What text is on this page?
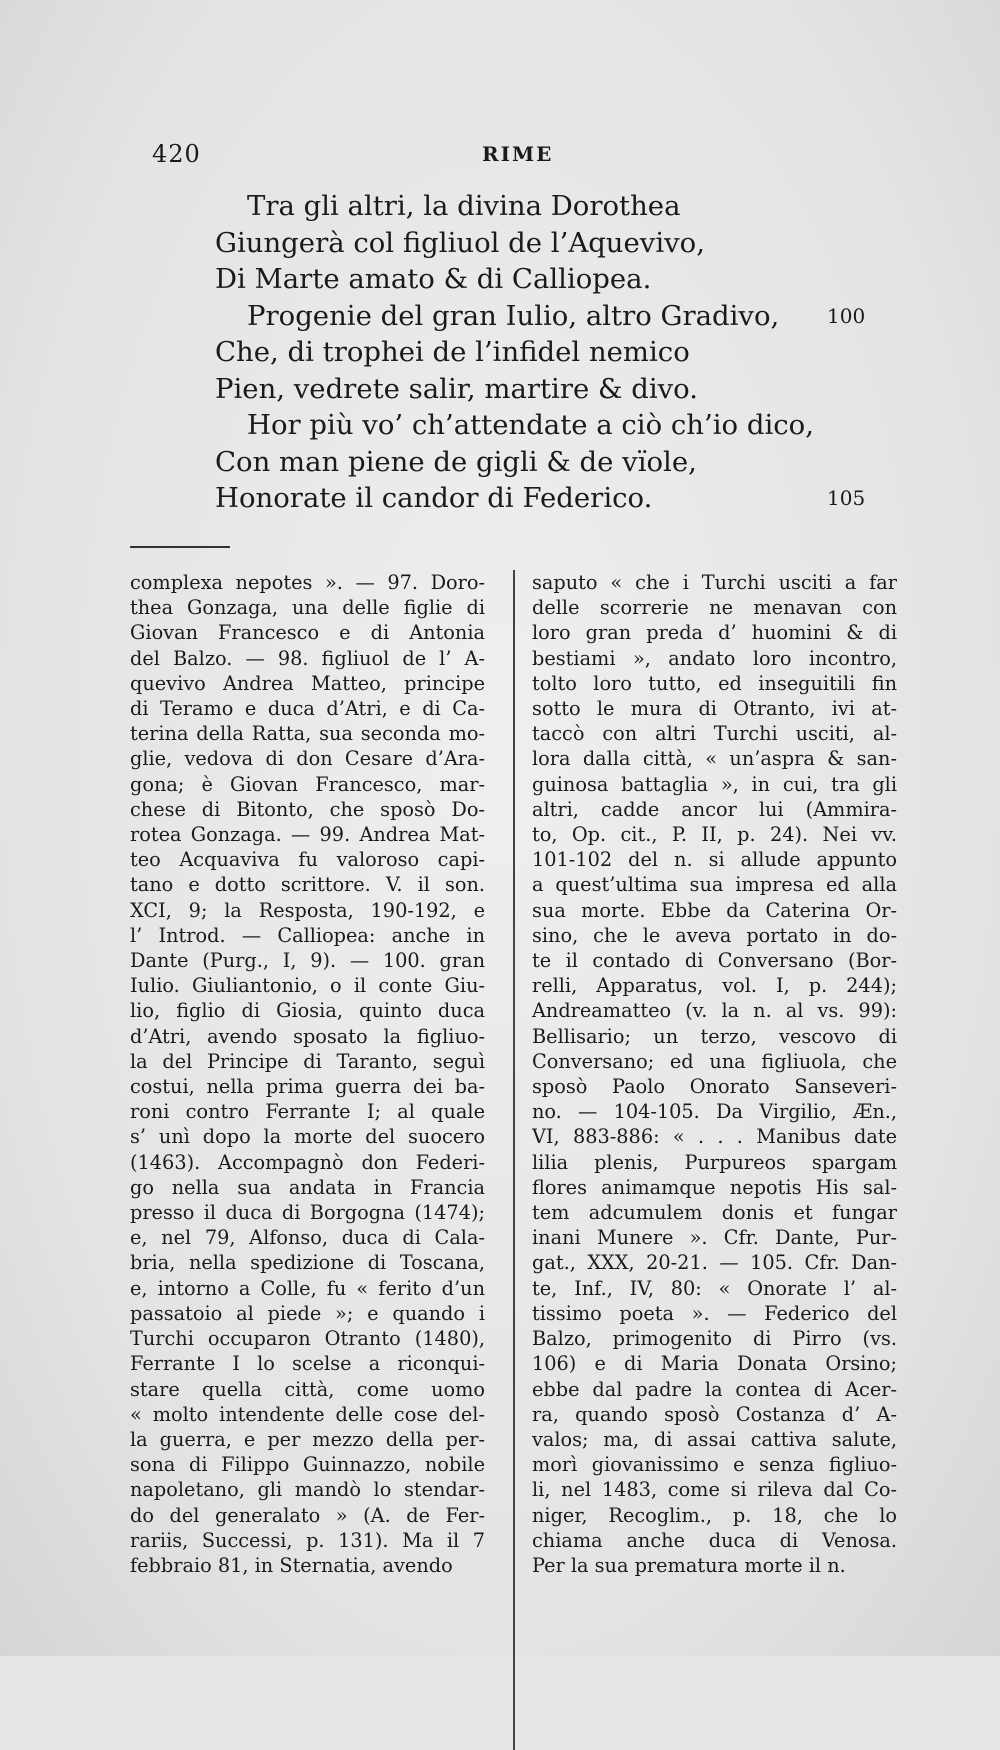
420	RIME
Tra gli altri, la divina Dorothea
Giungerà col figliuol de l’Aquevivo,
Di Marte amato & di Calliopea.
Progenie del gran Iulio, altro Gradivo, 100
Che, di trophei de l’infidel nemico
Pien, vedrete salir, martire & divo.
Hor più vo’ ch’attendate a ciò ch’io dico,
Con man piene de gigli & de vïole,
Honorate il candor di Federico.	105
complexa nepotes ». — 97. Doro-
thea Gonzaga, una delle figlie di
Giovan Francesco e di Antonia
del Balzo. — 98. figliuol de l’ A-
quevivo Andrea Matteo, principe
di Teramo e duca d’Atri, e di Ca-
terina della Ratta, sua seconda mo-
glie, vedova di don Cesare d’Ara-
gona; è Giovan Francesco, mar-
chese di Bitonto, che sposò Do-
rotea Gonzaga. — 99. Andrea Mat-
teo Acquaviva fu valoroso capi-
tano e dotto scrittore. V. il son.
XCI, 9; la Resposta, 190-192, e
l’ Introd. — Calliopea: anche in
Dante (Purg., I, 9). — 100. gran
Iulio. Giuliantonio, o il conte Giu-
lio, figlio di Giosia, quinto duca
d’Atri, avendo sposato la figliuo-
la del Principe di Taranto, seguì
costui, nella prima guerra dei ba-
roni contro Ferrante I; al quale
s’ unì dopo la morte del suocero
(1463). Accompagnò don Federi-
go nella sua andata in Francia
presso il duca di Borgogna (1474);
e, nel 79, Alfonso, duca di Cala-
bria, nella spedizione di Toscana,
e, intorno a Colle, fu « ferito d’un
passatoio al piede »; e quando i
Turchi occuparon Otranto (1480),
Ferrante I lo scelse a riconqui-
stare quella città, come uomo
« molto intendente delle cose del-
la guerra, e per mezzo della per-
sona di Filippo Guinnazzo, nobile
napoletano, gli mandò lo stendar-
do del generalato » (A. de Fer-
rariis, Successi, p. 131). Ma il 7
febbraio 81, in Sternatia, avendo
saputo « che i Turchi usciti a far
delle scorrerie ne menavan con
loro gran preda d’ huomini & di
bestiami », andato loro incontro,
tolto loro tutto, ed inseguitili fin
sotto le mura di Otranto, ivi at-
taccò con altri Turchi usciti, al-
lora dalla città, « un’aspra & san-
guinosa battaglia », in cui, tra gli
altri, cadde ancor lui (Ammira-
to, Op. cit., P. II, p. 24). Nei vv.
101-102 del n. si allude appunto
a quest’ultima sua impresa ed alla
sua morte. Ebbe da Caterina Or-
sino, che le aveva portato in do-
te il contado di Conversano (Bor-
relli, Apparatus, vol. I, p. 244);
Andreamatteo (v. la n. al vs. 99):
Bellisario; un terzo, vescovo di
Conversano; ed una figliuola, che
sposò Paolo Onorato Sanseveri-
no. — 104-105. Da Virgilio, Æn.,
VI, 883-886: « . . . Manibus date
lilia plenis, Purpureos spargam
flores animamque nepotis His sal-
tem adcumulem donis et fungar
inani Munere ». Cfr. Dante, Pur-
gat., XXX, 20-21. — 105. Cfr. Dan-
te, Inf., IV, 80: « Onorate l’ al-
tissimo poeta ». — Federico del
Balzo, primogenito di Pirro (vs.
106) e di Maria Donata Orsino;
ebbe dal padre la contea di Acer-
ra, quando sposò Costanza d’ A-
valos; ma, di assai cattiva salute,
morì giovanissimo e senza figliuo-
li, nel 1483, come si rileva dal Co-
niger, Recoglim., p. 18, che lo
chiama anche duca di Venosa.
Per la sua prematura morte il n.
